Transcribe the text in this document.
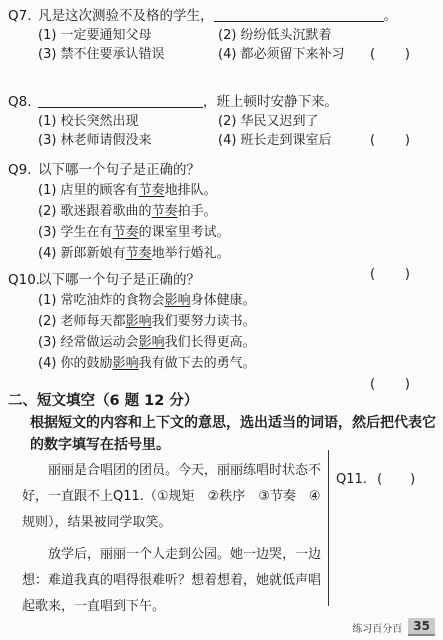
Q7. 凡是这次测验不及格的学生，	。
(1) 一定要通知父母	(2) 纷纷低头沉默着
(3) 禁不住要承认错误	(4) 都必须留下来补习 ( )
Q8.	，班上顿时安静下来。
(1) 校长突然出现	(2) 华民又迟到了
(3) 林老师请假没来	(4) 班长走到课室后	( )
Q9. 以下哪一个句子是正确的？
(1) 店里的顾客有节奏地排队。
(2) 歌迷跟着歌曲的节奏拍手。
(3) 学生在有节奏的课室里考试。
(4) 新郎新娘有节奏地举行婚礼。
( )
Q10.以下哪一个句子是正确的？
(1) 常吃油炸的食物会影响身体健康。
(2) 老师每天都影响我们要努力读书。
(3) 经常做运动会影响我们长得更高。
(4) 你的鼓励影响我有做下去的勇气。
( )
二、短文填空（6 题 12 分）
根据短文的内容和上下文的意思，选出适当的词语，然后把代表它的数字填写在括号里。
丽丽是合唱团的团员。今天，丽丽练唱时状态不好，一直跟不上Q11.（①规矩　②秩序　③节奏　④规则），结果被同学取笑。
放学后，丽丽一个人走到公园。她一边哭，一边想：难道我真的唱得很难听？想着想着，她就低声唱起歌来，一直唱到下午。
Q11. ( )
练习百分百 35
